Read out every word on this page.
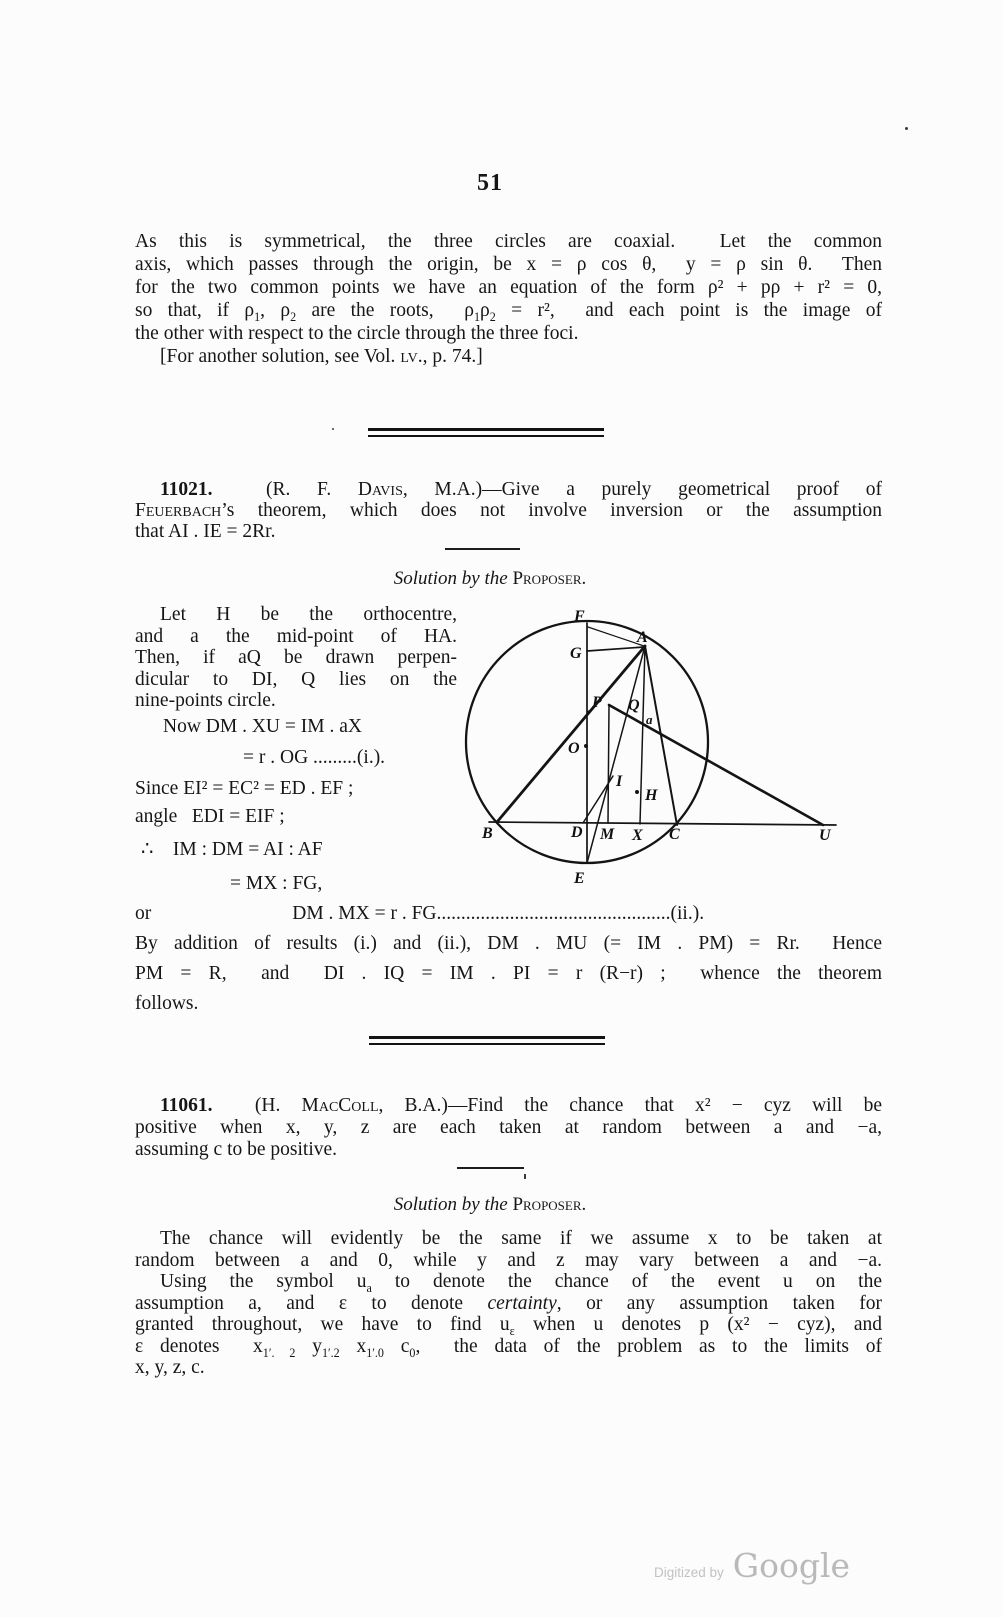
51
As this is symmetrical, the three circles are coaxial.  Let the common
axis, which passes through the origin, be x = ρ cos θ,  y = ρ sin θ.  Then
for the two common points we have an equation of the form ρ² + pρ + r² = 0,
so that, if $\rho_1$, $\rho_2$ are the roots,  $\rho_1\rho_2 = r^2$,  and each point is the image of
the other with respect to the circle through the three foci.
[For another solution, see Vol. lv., p. 74.]
11021.  (R. F. Davis, M.A.)—Give a purely geometrical proof of
Feuerbach’s theorem, which does not involve inversion or the assumption
that AI . IE = 2Rr.
Solution by the Proposer.
Let H be the orthocentre,
and a the mid-point of HA.
Then, if aQ be drawn perpen-
dicular to DI, Q lies on the
nine-points circle.
Now DM . XU = IM . aX
= r . OG .........(i.).
Since EI² = EC² = ED . EF ;
angle   EDI = EIF ;
∴    IM : DM = AI : AF
F
G
A
P Q
a
O
I
H
B	D M X C	U
E
= MX : FG,
or	DM . MX = r . FG................................................(ii.).
By addition of results (i.) and (ii.), DM . MU (= IM . PM) = Rr.  Hence
PM = R,  and  DI . IQ = IM . PI = r (R−r) ;  whence the theorem
follows.
11061.  (H. MacColl, B.A.)—Find the chance that x² − cyz will be
positive when x, y, z are each taken at random between a and −a,
assuming c to be positive.
Solution by the Proposer.
The chance will evidently be the same if we assume x to be taken at
random between a and 0, while y and z may vary between a and −a.
Using the symbol $u_a$ to denote the chance of the event u on the
assumption a, and ε to denote certainty, or any assumption taken for
granted throughout, we have to find $u_\varepsilon$ when u denotes p (x² − cyz), and
ε denotes  $x_{1'. 2}$ $y_{1'.2}$ $x_{1'.0}$ $c_0$,  the data of the problem as to the limits of
x, y, z, c.
Digitized by Google
